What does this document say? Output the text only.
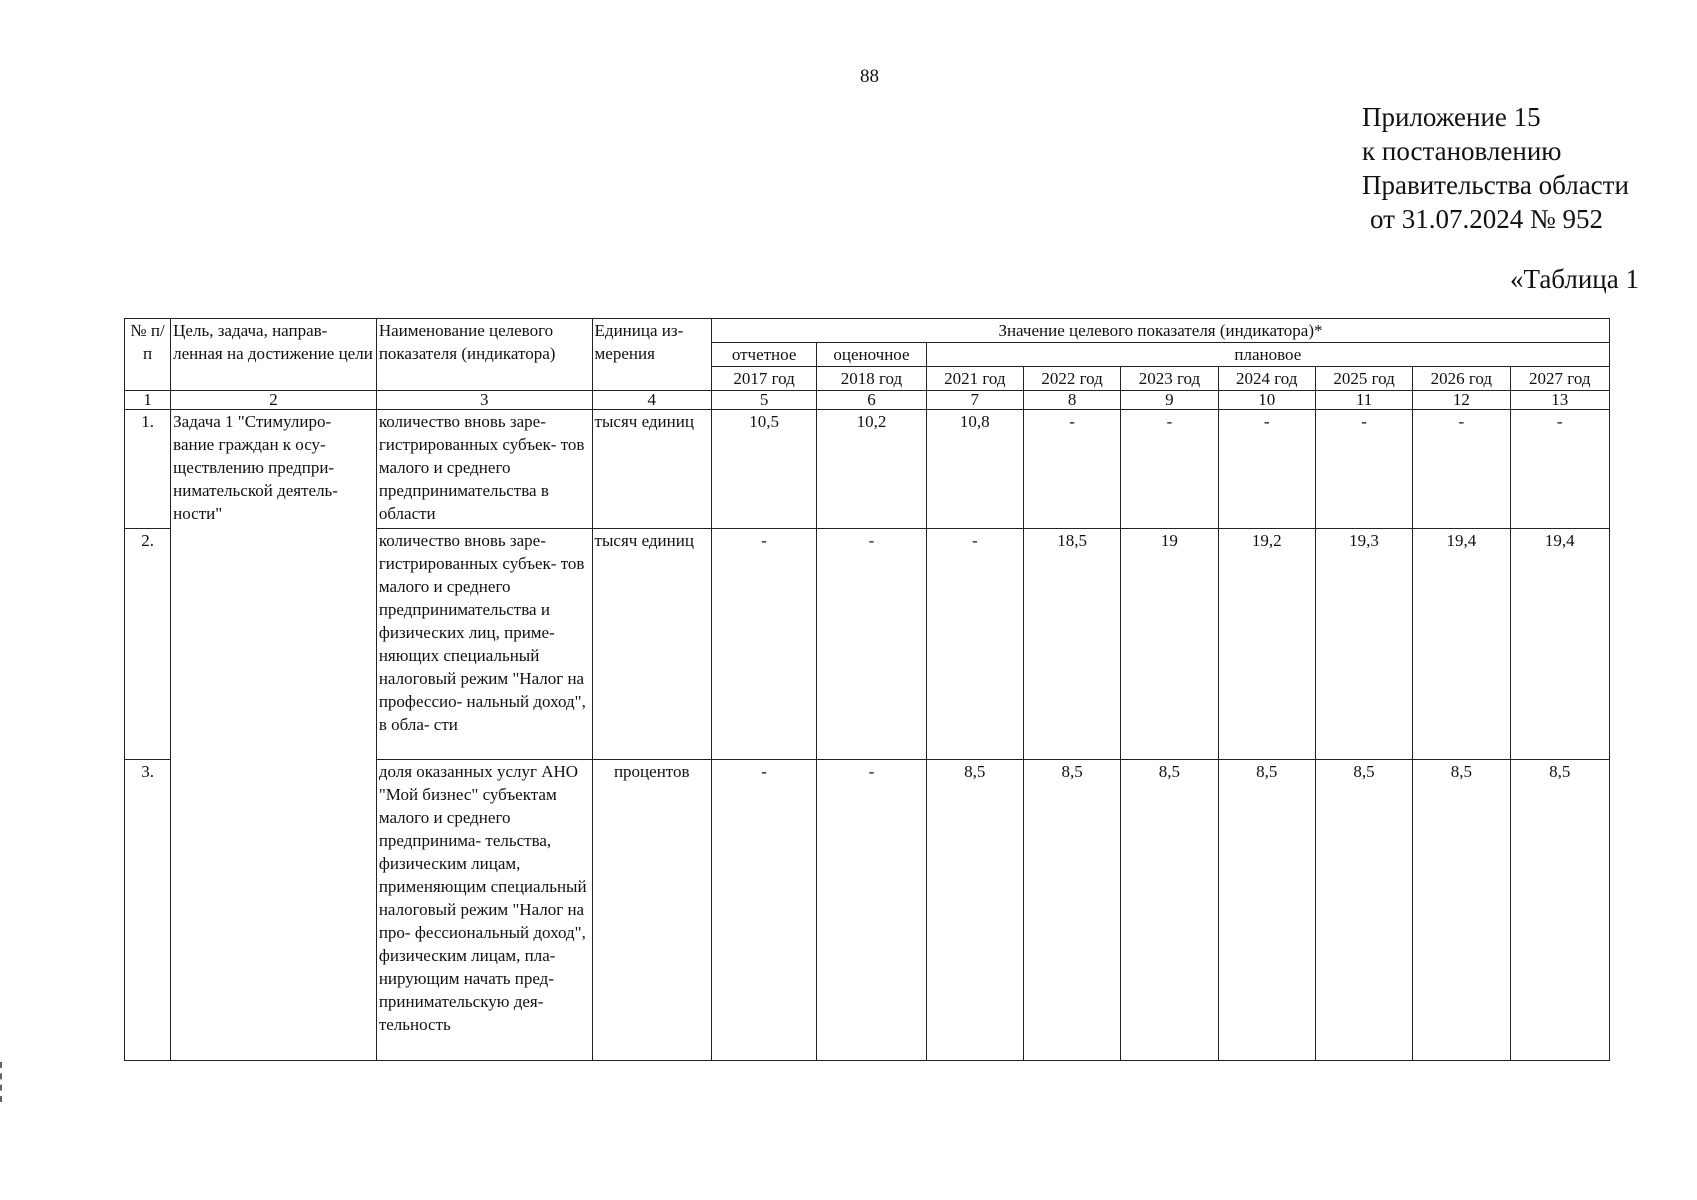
88
Приложение 15
к постановлению
Правительства области
от 31.07.2024 № 952
«Таблица 1
№ п/п	Цель, задача, направ- ленная на достижение цели	Наименование целевого показателя (индикатора)	Единица из- мерения	Значение целевого показателя (индикатора)*								
				отчетное	оценочное	плановое						
				2017 год	2018 год	2021 год	2022 год	2023 год	2024 год	2025 год	2026 год	2027 год
1	2	3	4	5	6	7	8	9	10	11	12	13
1.	Задача 1 "Стимулиро- вание граждан к осу- ществлению предпри- нимательской деятель- ности"	количество вновь заре- гистрированных субъек- тов малого и среднего предпринимательства в области	тысяч единиц	10,5	10,2	10,8	-	-	-	-	-	-
2.		количество вновь заре- гистрированных субъек- тов малого и среднего предпринимательства и физических лиц, приме- няющих специальный налоговый режим "Налог на профессио- нальный доход", в обла- сти	тысяч единиц	-	-	-	18,5	19	19,2	19,3	19,4	19,4
3.		доля оказанных услуг АНО "Мой бизнес" субъектам малого и среднего предпринима- тельства, физическим лицам, применяющим специальный налоговый режим "Налог на про- фессиональный доход", физическим лицам, пла- нирующим начать пред- принимательскую дея- тельность	процентов	-	-	8,5	8,5	8,5	8,5	8,5	8,5	8,5
